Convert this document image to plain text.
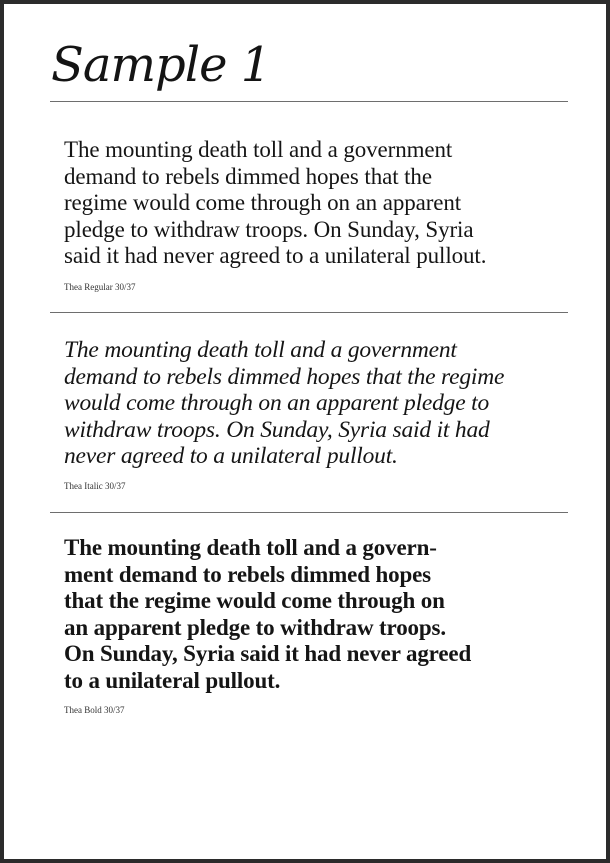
Sample 1

The mounting death toll and a government
demand to rebels dimmed hopes that the
regime would come through on an apparent
pledge to withdraw troops. On Sunday, Syria
said it had never agreed to a unilateral pullout.

Thea Regular 30/37

The mounting death toll and a government
demand to rebels dimmed hopes that the regime
would come through on an apparent pledge to
withdraw troops. On Sunday, Syria said it had
never agreed to a unilateral pullout.

Thea Italic 30/37

The mounting death toll and a govern-
ment demand to rebels dimmed hopes
that the regime would come through on
an apparent pledge to withdraw troops.
On Sunday, Syria said it had never agreed
to a unilateral pullout.

Thea Bold 30/37
